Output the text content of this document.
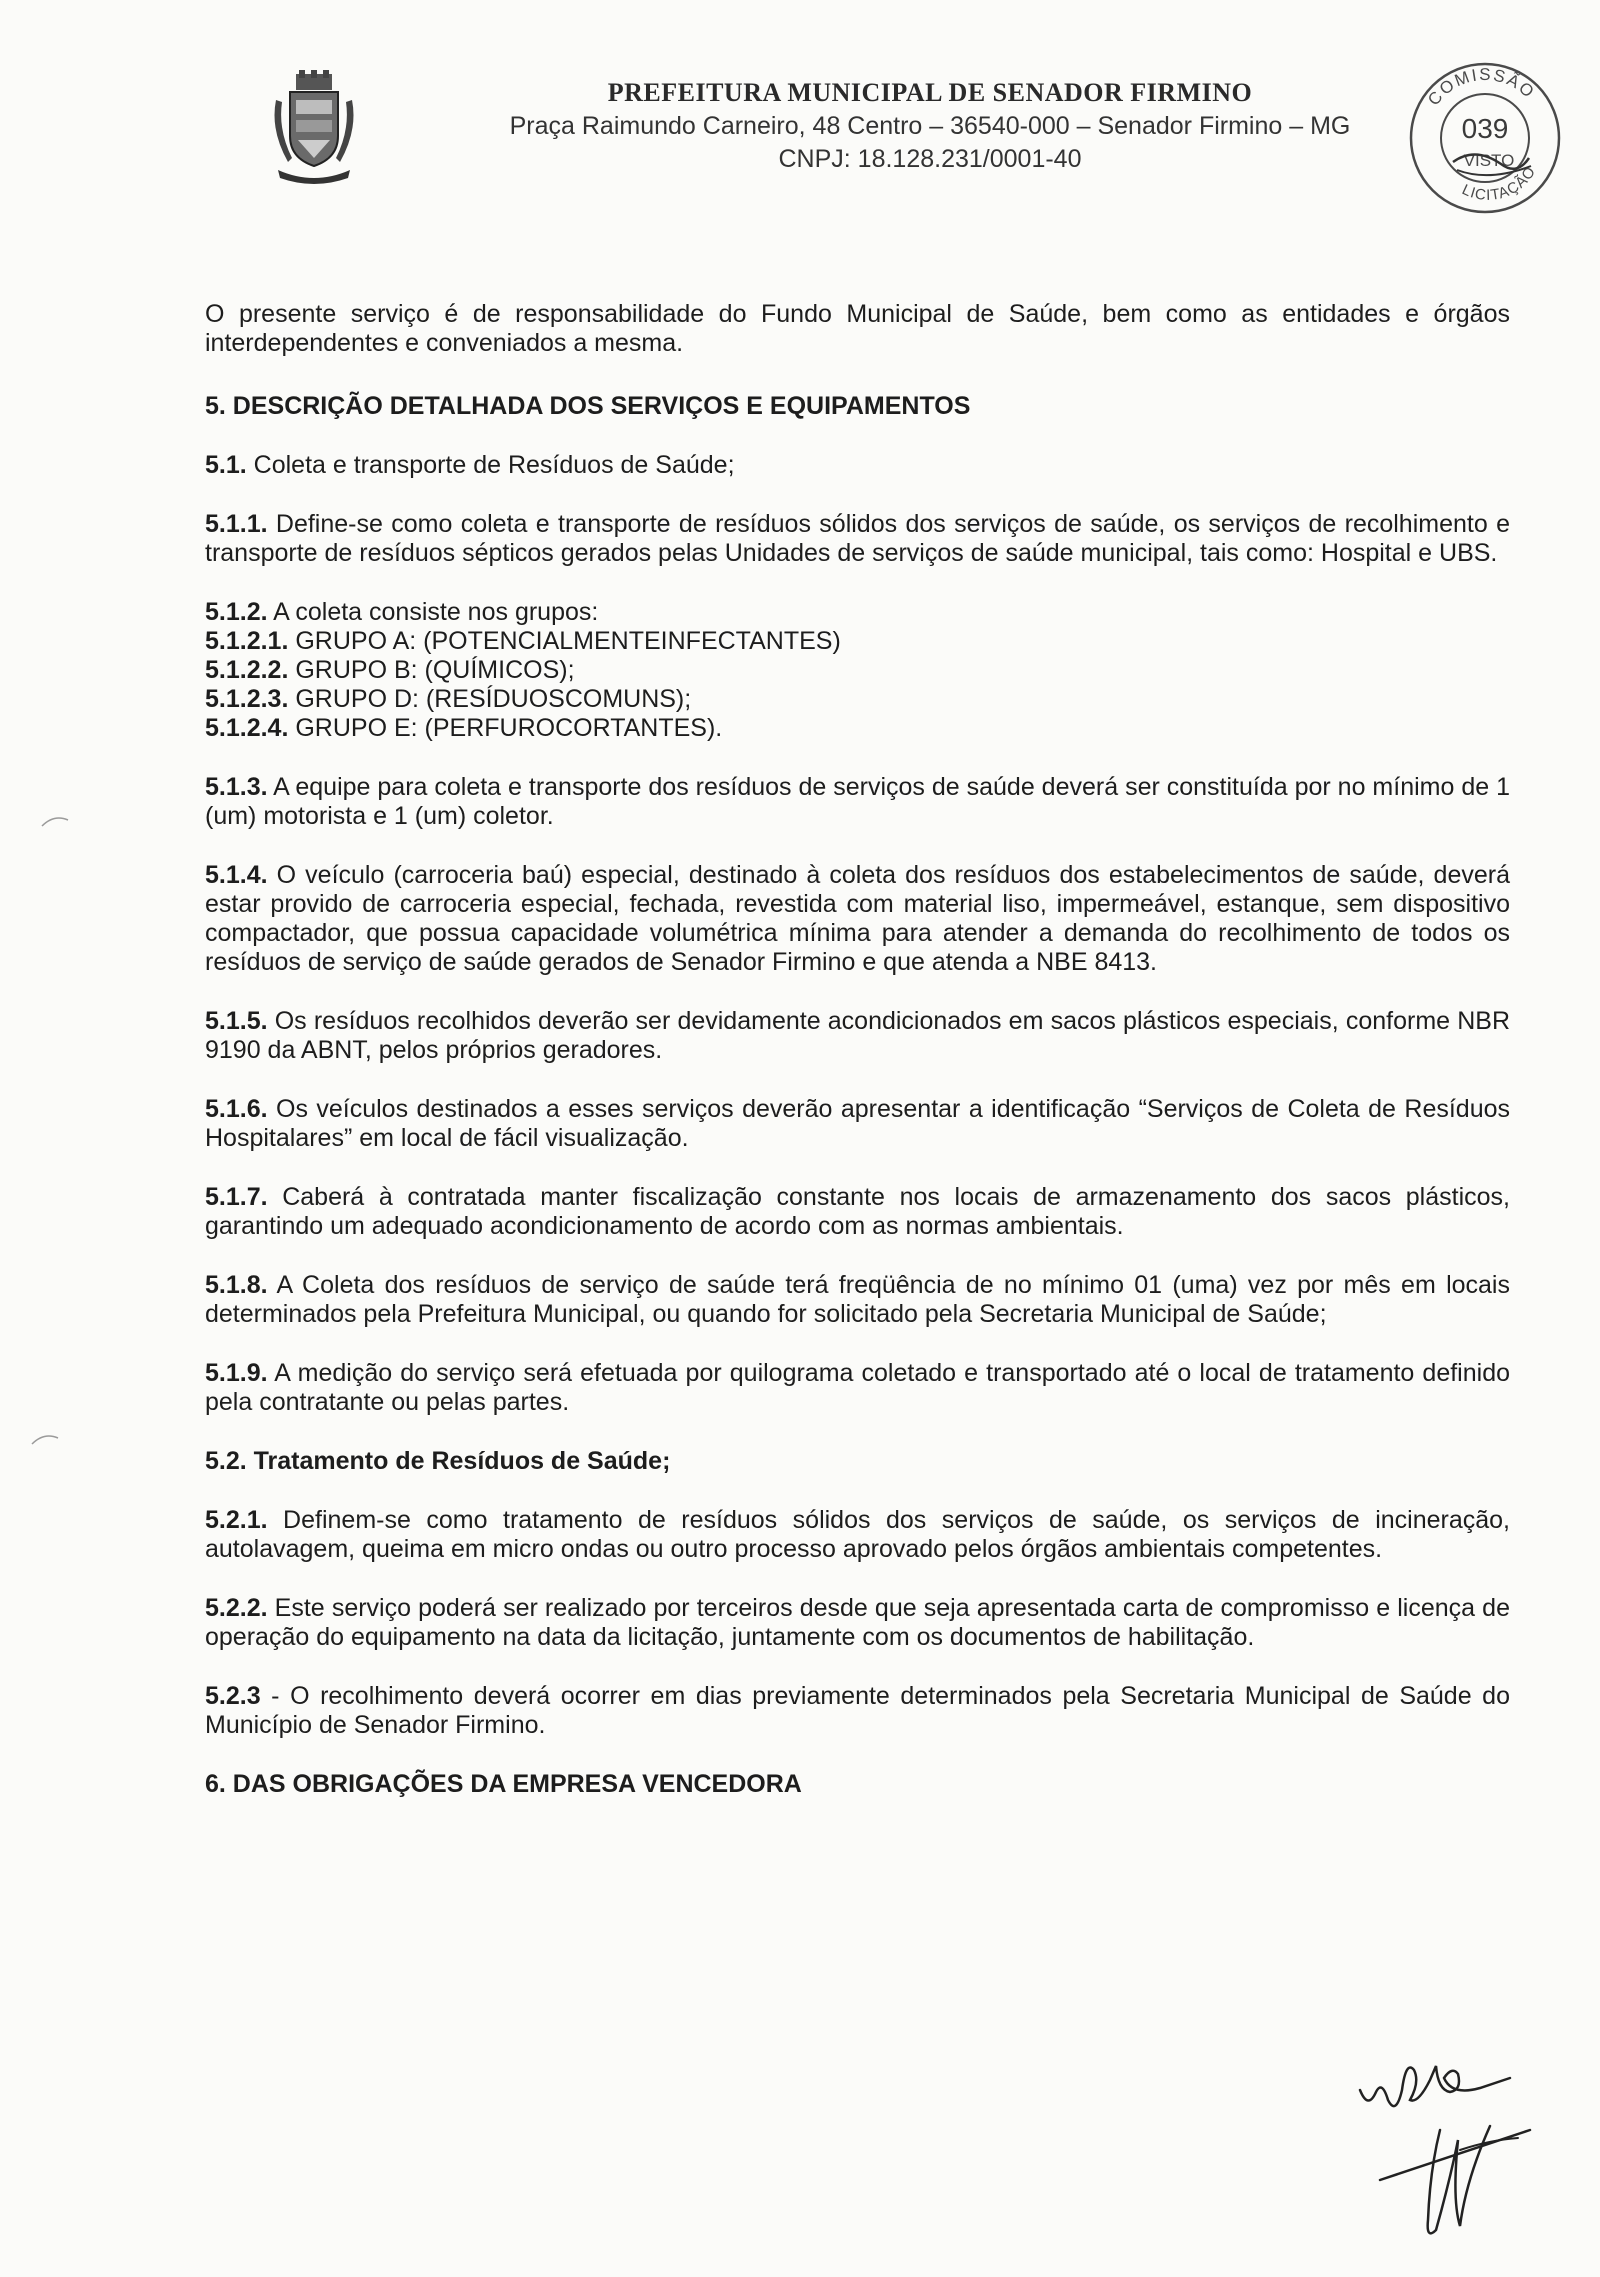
PREFEITURA MUNICIPAL DE SENADOR FIRMINO
Praça Raimundo Carneiro, 48 Centro – 36540-000 – Senador Firmino – MG
CNPJ: 18.128.231/0001-40
COMISSÃO
LICITAÇÃO
039
VISTO

O presente serviço é de responsabilidade do Fundo Municipal de Saúde, bem como as entidades e órgãos interdependentes e conveniados a mesma.

5. DESCRIÇÃO DETALHADA DOS SERVIÇOS E EQUIPAMENTOS

5.1. Coleta e transporte de Resíduos de Saúde;

5.1.1. Define-se como coleta e transporte de resíduos sólidos dos serviços de saúde, os serviços de recolhimento e transporte de resíduos sépticos gerados pelas Unidades de serviços de saúde municipal, tais como: Hospital e UBS.

5.1.2. A coleta consiste nos grupos:

5.1.2.1. GRUPO A: (POTENCIALMENTEINFECTANTES)

5.1.2.2. GRUPO B: (QUÍMICOS);

5.1.2.3. GRUPO D: (RESÍDUOSCOMUNS);

5.1.2.4. GRUPO E: (PERFUROCORTANTES).

5.1.3. A equipe para coleta e transporte dos resíduos de serviços de saúde deverá ser constituída por no mínimo de 1 (um) motorista e 1 (um) coletor.

5.1.4. O veículo (carroceria baú) especial, destinado à coleta dos resíduos dos estabelecimentos de saúde, deverá estar provido de carroceria especial, fechada, revestida com material liso, impermeável, estanque, sem dispositivo compactador, que possua capacidade volumétrica mínima para atender a demanda do recolhimento de todos os resíduos de serviço de saúde gerados de Senador Firmino e que atenda a NBE 8413.

5.1.5. Os resíduos recolhidos deverão ser devidamente acondicionados em sacos plásticos especiais, conforme NBR 9190 da ABNT, pelos próprios geradores.

5.1.6. Os veículos destinados a esses serviços deverão apresentar a identificação “Serviços de Coleta de Resíduos Hospitalares” em local de fácil visualização.

5.1.7. Caberá à contratada manter fiscalização constante nos locais de armazenamento dos sacos plásticos, garantindo um adequado acondicionamento de acordo com as normas ambientais.

5.1.8. A Coleta dos resíduos de serviço de saúde terá freqüência de no mínimo 01 (uma) vez por mês em locais determinados pela Prefeitura Municipal, ou quando for solicitado pela Secretaria Municipal de Saúde;

5.1.9. A medição do serviço será efetuada por quilograma coletado e transportado até o local de tratamento definido pela contratante ou pelas partes.

5.2. Tratamento de Resíduos de Saúde;

5.2.1. Definem-se como tratamento de resíduos sólidos dos serviços de saúde, os serviços de incineração, autolavagem, queima em micro ondas ou outro processo aprovado pelos órgãos ambientais competentes.

5.2.2. Este serviço poderá ser realizado por terceiros desde que seja apresentada carta de compromisso e licença de operação do equipamento na data da licitação, juntamente com os documentos de habilitação.

5.2.3 - O recolhimento deverá ocorrer em dias previamente determinados pela Secretaria Municipal de Saúde do Município de Senador Firmino.

6. DAS OBRIGAÇÕES DA EMPRESA VENCEDORA
